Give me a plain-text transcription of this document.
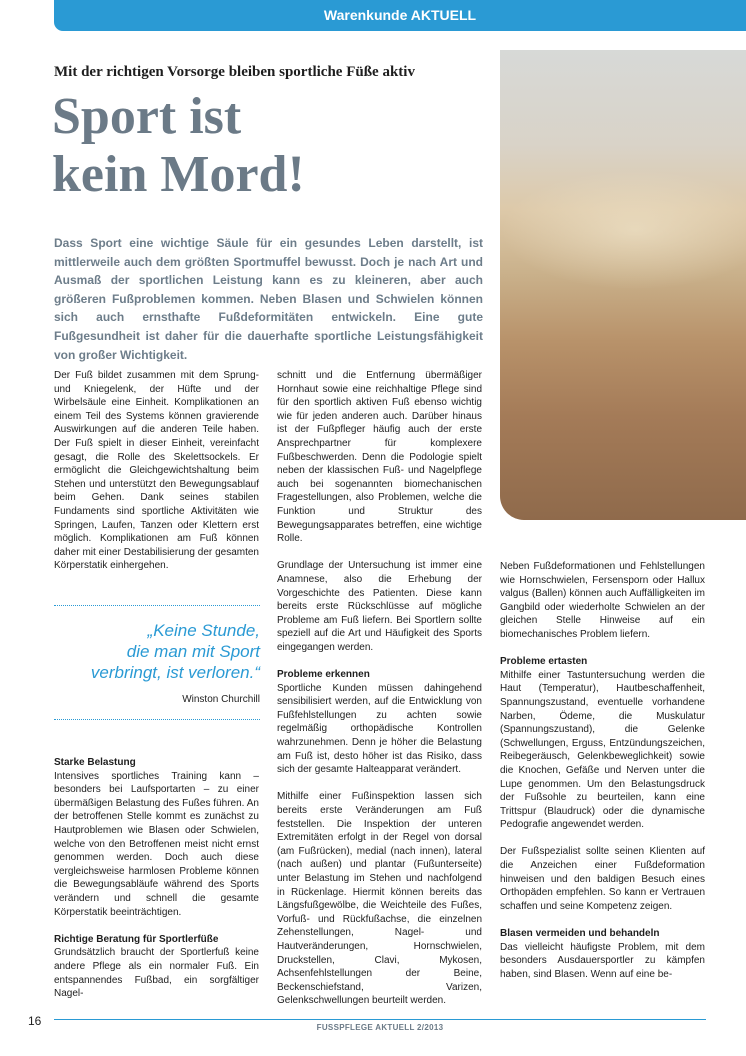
Warenkunde AKTUELL
Mit der richtigen Vorsorge bleiben sportliche Füße aktiv
Sport ist
kein Mord!
Dass Sport eine wichtige Säule für ein gesundes Leben darstellt, ist mittlerweile auch dem größten Sportmuffel bewusst. Doch je nach Art und Ausmaß der sportlichen Leistung kann es zu kleineren, aber auch größeren Fußproblemen kommen. Neben Blasen und Schwielen können sich auch ernsthafte Fußdeformitäten entwickeln. Eine gute Fußgesundheit ist daher für die dauerhafte sportliche Leistungsfähigkeit von großer Wichtigkeit.

Der Fuß bildet zusammen mit dem Sprung- und Kniegelenk, der Hüfte und der Wirbelsäule eine Einheit. Komplikationen an einem Teil des Systems können gravierende Auswirkungen auf die anderen Teile haben. Der Fuß spielt in dieser Einheit, vereinfacht gesagt, die Rolle des Skelettsockels. Er ermöglicht die Gleichgewichtshaltung beim Stehen und unterstützt den Bewegungsablauf beim Gehen. Dank seines stabilen Fundaments sind sportliche Aktivitäten wie Springen, Laufen, Tanzen oder Klettern erst möglich. Komplikationen am Fuß können daher mit einer Destabilisierung der gesamten Körperstatik einhergehen.

„Keine Stunde,
die man mit Sport
verbringt, ist verloren.“
Winston Churchill
Starke Belastung

Intensives sportliches Training kann – besonders bei Laufsportarten – zu einer übermäßigen Belastung des Fußes führen. An der betroffenen Stelle kommt es zunächst zu Hautproblemen wie Blasen oder Schwielen, welche von den Betroffenen meist nicht ernst genommen werden. Doch auch diese vergleichsweise harmlosen Probleme können die Bewegungsabläufe während des Sports verändern und schnell die gesamte Körperstatik beeinträchtigen.

Richtige Beratung für Sportlerfüße

Grundsätzlich braucht der Sportlerfuß keine andere Pflege als ein normaler Fuß. Ein entspannendes Fußbad, ein sorgfältiger Nagel-

schnitt und die Entfernung übermäßiger Hornhaut sowie eine reichhaltige Pflege sind für den sportlich aktiven Fuß ebenso wichtig wie für jeden anderen auch. Darüber hinaus ist der Fußpfleger häufig auch der erste Ansprechpartner für komplexere Fußbeschwerden. Denn die Podologie spielt neben der klassischen Fuß- und Nagelpflege auch bei sogenannten biomechanischen Fragestellungen, also Problemen, welche die Funktion und Struktur des Bewegungsapparates betreffen, eine wichtige Rolle.

Grundlage der Untersuchung ist immer eine Anamnese, also die Erhebung der Vorgeschichte des Patienten. Diese kann bereits erste Rückschlüsse auf mögliche Probleme am Fuß liefern. Bei Sportlern sollte speziell auf die Art und Häufigkeit des Sports eingegangen werden.

Probleme erkennen

Sportliche Kunden müssen dahingehend sensibilisiert werden, auf die Entwicklung von Fußfehlstellungen zu achten sowie regelmäßig orthopädische Kontrollen wahrzunehmen. Denn je höher die Belastung am Fuß ist, desto höher ist das Risiko, dass sich der gesamte Halteapparat verändert.

Mithilfe einer Fußinspektion lassen sich bereits erste Veränderungen am Fuß feststellen. Die Inspektion der unteren Extremitäten erfolgt in der Regel von dorsal (am Fußrücken), medial (nach innen), lateral (nach außen) und plantar (Fußunterseite) unter Belastung im Stehen und nachfolgend in Rückenlage. Hiermit können bereits das Längsfußgewölbe, die Weichteile des Fußes, Vorfuß- und Rückfußachse, die einzelnen Zehenstellungen, Nagel- und Hautveränderungen, Hornschwielen, Druckstellen, Clavi, Mykosen, Achsenfehlstellungen der Beine, Beckenschiefstand, Varizen, Gelenkschwellungen beurteilt werden.

Neben Fußdeformationen und Fehlstellungen wie Hornschwielen, Fersensporn oder Hallux valgus (Ballen) können auch Auffälligkeiten im Gangbild oder wiederholte Schwielen an der gleichen Stelle Hinweise auf ein biomechanisches Problem liefern.

Probleme ertasten

Mithilfe einer Tastuntersuchung werden die Haut (Temperatur), Hautbeschaffenheit, Spannungszustand, eventuelle vorhandene Narben, Ödeme, die Muskulatur (Spannungszustand), die Gelenke (Schwellungen, Erguss, Entzündungszeichen, Reibegeräusch, Gelenkbeweglichkeit) sowie die Knochen, Gefäße und Nerven unter die Lupe genommen. Um den Belastungsdruck der Fußsohle zu beurteilen, kann eine Trittspur (Blaudruck) oder die dynamische Pedografie angewendet werden.

Der Fußspezialist sollte seinen Klienten auf die Anzeichen einer Fußdeformation hinweisen und den baldigen Besuch eines Orthopäden empfehlen. So kann er Vertrauen schaffen und seine Kompetenz zeigen.

Blasen vermeiden und behandeln

Das vielleicht häufigste Problem, mit dem besonders Ausdauersportler zu kämpfen haben, sind Blasen. Wenn auf eine be-

16	FUSSPFLEGE AKTUELL 2/2013
